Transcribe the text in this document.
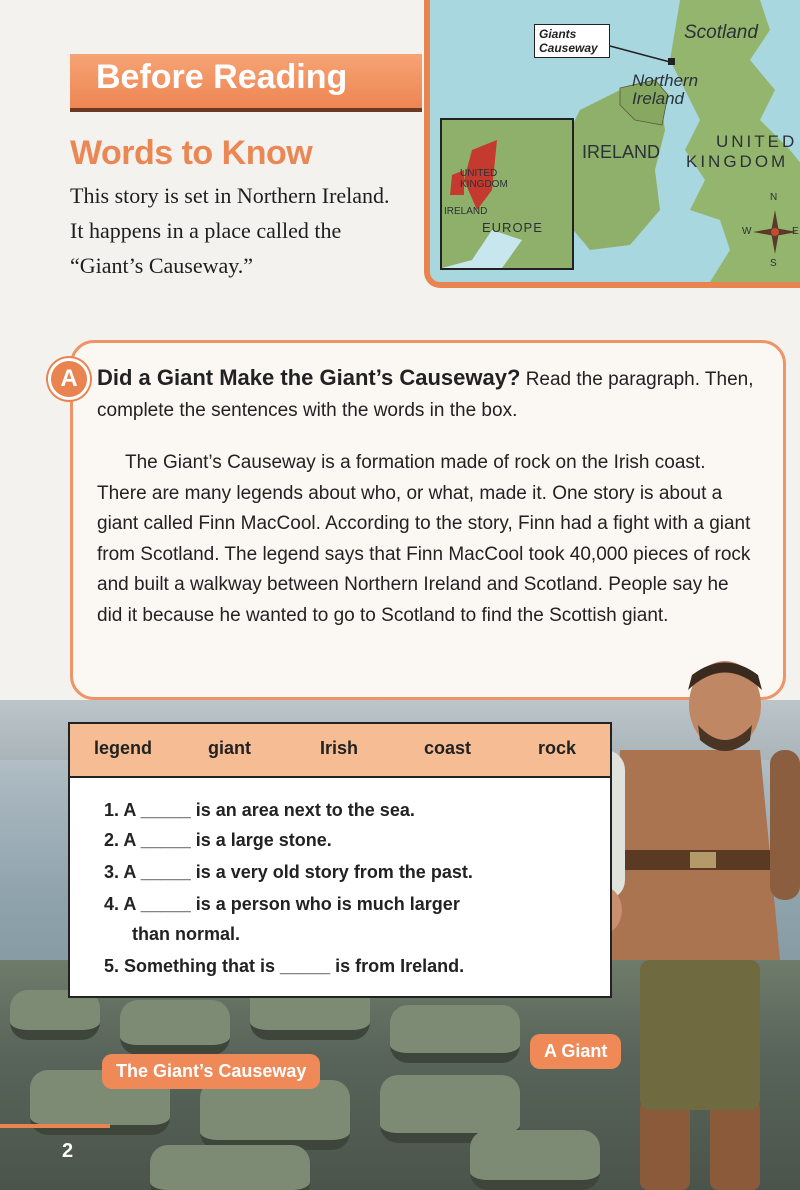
Before Reading
Words to Know
This story is set in Northern Ireland. It happens in a place called the “Giant’s Causeway.”
Giants Causeway
Scotland
Northern Ireland
IRELAND
UNITED
KINGDOM
N
S
E
W
UNITED KINGDOM
IRELAND
EUROPE
A Did a Giant Make the Giant’s Causeway? Read the paragraph. Then, complete the sentences with the words in the box.
The Giant’s Causeway is a formation made of rock on the Irish coast. There are many legends about who, or what, made it. One story is about a giant called Finn MacCool. According to the story, Finn had a fight with a giant from Scotland. The legend says that Finn MacCool took 40,000 pieces of rock and built a walkway between Northern Ireland and Scotland. People say he did it because he wanted to go to Scotland to find the Scottish giant.
legend	giant	Irish	coast	rock
1. A _____ is an area next to the sea.
2. A _____ is a large stone.
3. A _____ is a very old story from the past.
4. A _____ is a person who is much larger
than normal.
5. Something that is _____ is from Ireland.
The Giant’s Causeway
A Giant
2
